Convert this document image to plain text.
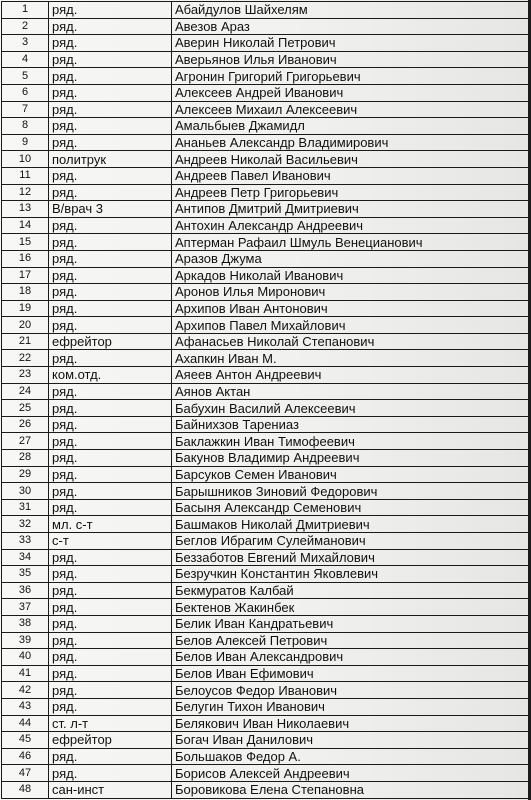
1	ряд.	Абайдулов Шайхелям
2	ряд.	Авезов Араз
3	ряд.	Аверин Николай Петрович
4	ряд.	Аверьянов Илья Иванович
5	ряд.	Агронин Григорий Григорьевич
6	ряд.	Алексеев Андрей Иванович
7	ряд.	Алексеев Михаил Алексеевич
8	ряд.	Амальбыев Джамидл
9	ряд.	Ананьев Александр Владимирович
10	политрук	Андреев Николай Васильевич
11	ряд.	Андреев Павел Иванович
12	ряд.	Андреев Петр Григорьевич
13	В/врач 3	Антипов Дмитрий Дмитриевич
14	ряд.	Антохин Александр Андреевич
15	ряд.	Аптерман Рафаил Шмуль Венецианович
16	ряд.	Аразов Джума
17	ряд.	Аркадов Николай Иванович
18	ряд.	Аронов Илья Миронович
19	ряд.	Архипов Иван Антонович
20	ряд.	Архипов Павел Михайлович
21	ефрейтор	Афанасьев Николай Степанович
22	ряд.	Ахапкин Иван М.
23	ком.отд.	Аяеев Антон Андреевич
24	ряд.	Аянов Актан
25	ряд.	Бабухин Василий Алексеевич
26	ряд.	Байнихзов Тарениаз
27	ряд.	Баклажкин Иван Тимофеевич
28	ряд.	Бакунов Владимир Андреевич
29	ряд.	Барсуков Семен Иванович
30	ряд.	Барышников Зиновий Федорович
31	ряд.	Басыня Александр Семенович
32	мл. с-т	Башмаков Николай Дмитриевич
33	с-т	Беглов Ибрагим Сулейманович
34	ряд.	Беззаботов Евгений Михайлович
35	ряд.	Безручкин Константин Яковлевич
36	ряд.	Бекмуратов Калбай
37	ряд.	Бектенов Жакинбек
38	ряд.	Белик Иван Кандратьевич
39	ряд.	Белов Алексей Петрович
40	ряд.	Белов Иван Александрович
41	ряд.	Белов Иван Ефимович
42	ряд.	Белоусов Федор Иванович
43	ряд.	Белугин Тихон Иванович
44	ст. л-т	Белякович Иван Николаевич
45	ефрейтор	Богач Иван Данилович
46	ряд.	Большаков Федор А.
47	ряд.	Борисов Алексей Андреевич
48	сан-инст	Боровикова Елена Степановна
